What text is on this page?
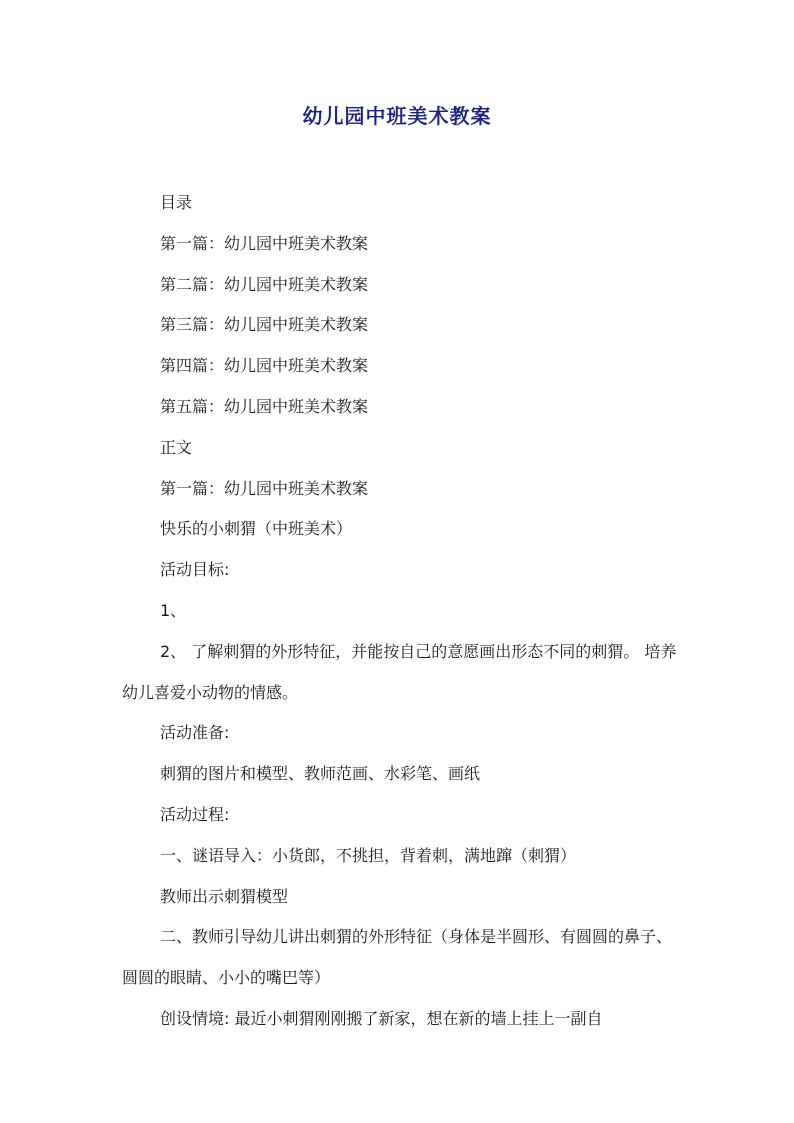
幼儿园中班美术教案

目录

第一篇：幼儿园中班美术教案

第二篇：幼儿园中班美术教案

第三篇：幼儿园中班美术教案

第四篇：幼儿园中班美术教案

第五篇：幼儿园中班美术教案

正文

第一篇：幼儿园中班美术教案

快乐的小刺猬（中班美术）

活动目标:

1、

2、 了解刺猬的外形特征，并能按自己的意愿画出形态不同的刺猬。 培养幼儿喜爱小动物的情感。

活动准备:

刺猬的图片和模型、教师范画、水彩笔、画纸

活动过程:

一、谜语导入：小货郎，不挑担，背着刺，满地蹿（刺猬）

教师出示刺猬模型

二、教师引导幼儿讲出刺猬的外形特征（身体是半圆形、有圆圆的鼻子、圆圆的眼睛、小小的嘴巴等）

创设情境: 最近小刺猬刚刚搬了新家，想在新的墙上挂上一副自
